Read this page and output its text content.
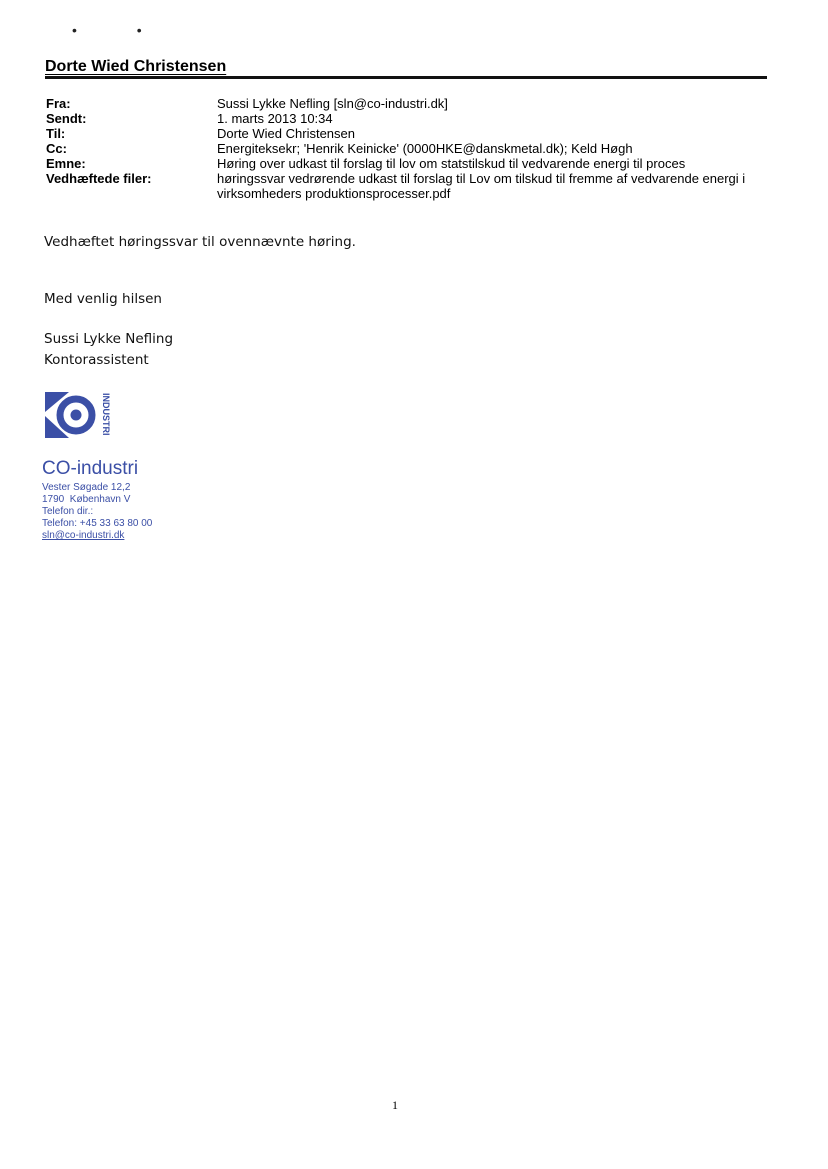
• •
Dorte Wied Christensen
Fra:	Sussi Lykke Nefling [sln@co-industri.dk]
Sendt:	1. marts 2013 10:34
Til:	Dorte Wied Christensen
Cc:	Energiteksekr; 'Henrik Keinicke' (0000HKE@danskmetal.dk); Keld Høgh
Emne:	Høring over udkast til forslag til lov om statstilskud til vedvarende energi til proces
Vedhæftede filer:	høringssvar vedrørende udkast til forslag til Lov om tilskud til fremme af vedvarende energi i virksomheders produktionsprocesser.pdf
Vedhæftet høringssvar til ovennævnte høring.
Med venlig hilsen
Sussi Lykke Nefling
Kontorassistent
INDUSTRI
CO-industri
Vester Søgade 12,2
1790  København V
Telefon dir.:
Telefon: +45 33 63 80 00
sln@co-industri.dk
1
